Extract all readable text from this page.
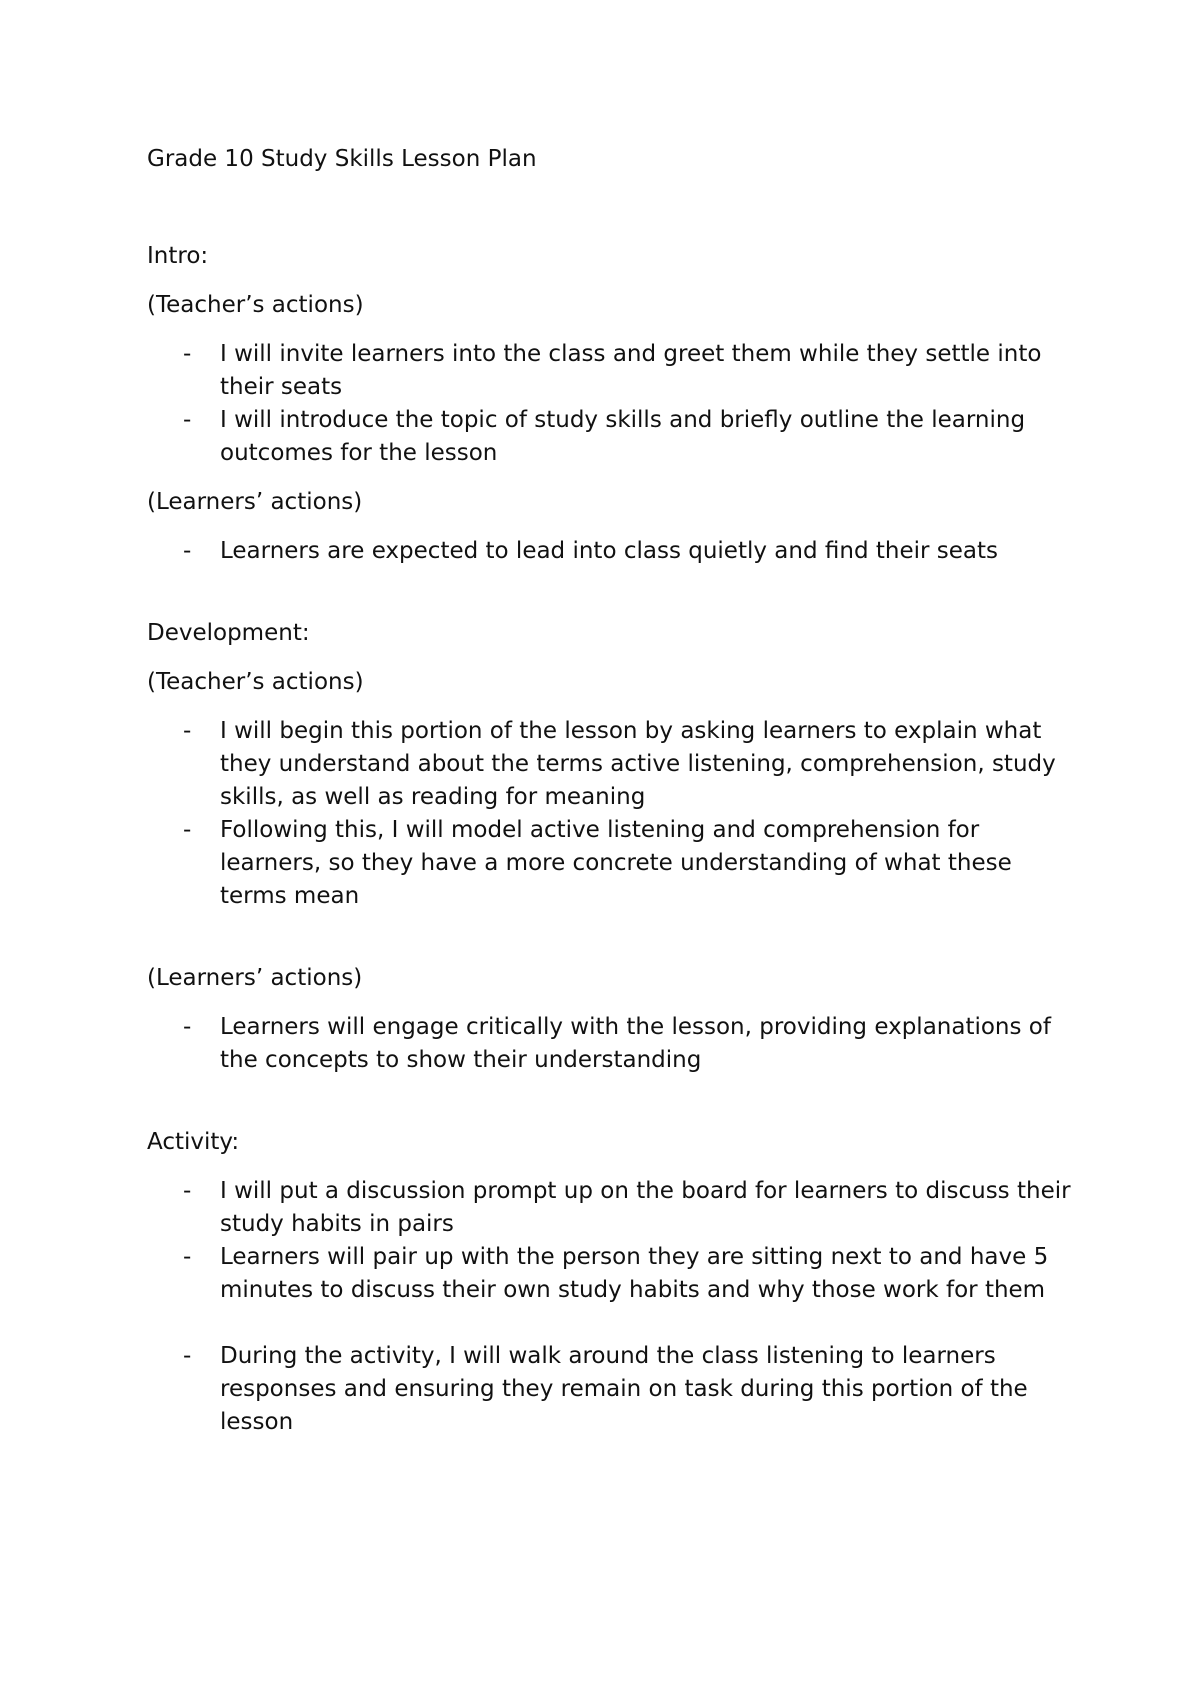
Grade 10 Study Skills Lesson Plan
Intro:
(Teacher’s actions)
- I will invite learners into the class and greet them while they settle into their seats
- I will introduce the topic of study skills and briefly outline the learning outcomes for the lesson
(Learners’ actions)
- Learners are expected to lead into class quietly and find their seats
Development:
(Teacher’s actions)
- I will begin this portion of the lesson by asking learners to explain what they understand about the terms active listening, comprehension, study skills, as well as reading for meaning
- Following this, I will model active listening and comprehension for learners, so they have a more concrete understanding of what these terms mean
(Learners’ actions)
- Learners will engage critically with the lesson, providing explanations of the concepts to show their understanding
Activity:
- I will put a discussion prompt up on the board for learners to discuss their study habits in pairs
- Learners will pair up with the person they are sitting next to and have 5 minutes to discuss their own study habits and why those work for them
- During the activity, I will walk around the class listening to learners responses and ensuring they remain on task during this portion of the lesson
